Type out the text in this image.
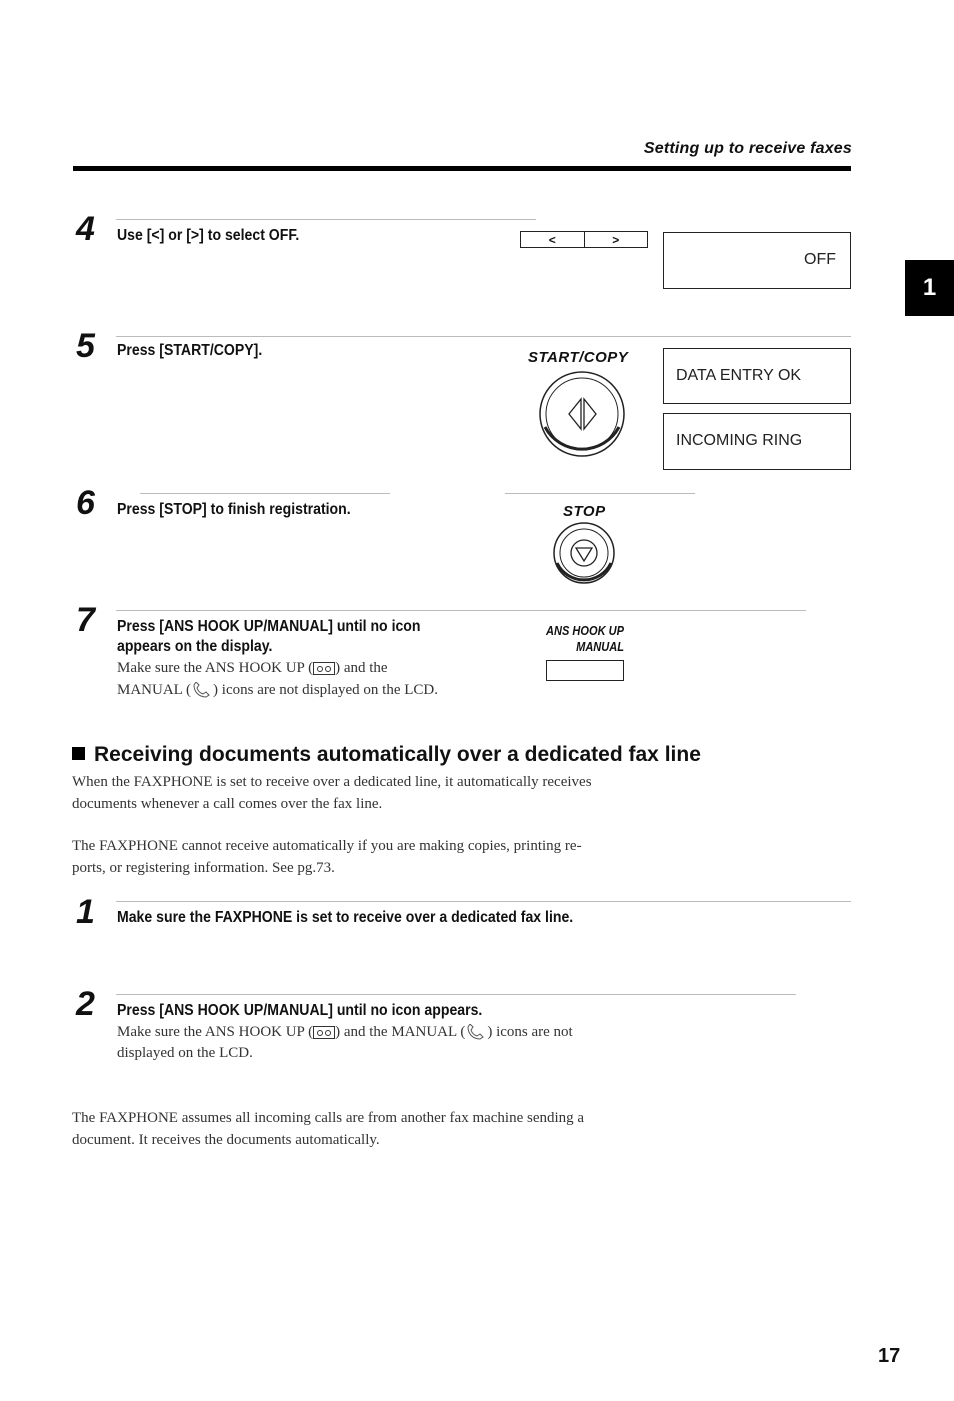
Setting up to receive faxes
1
4 Use [<] or [>] to select OFF.	<	>
OFF
5 Press [START/COPY].	START/COPY
DATA ENTRY OK
INCOMING RING
6 Press [STOP] to finish registration.	STOP
7 Press [ANS HOOK UP/MANUAL] until no icon
appears on the display.
Make sure the ANS HOOK UP ( ) and the
MANUAL ( ) icons are not displayed on the LCD.
ANS HOOK UP
MANUAL
Receiving documents automatically over a dedicated fax line
When the FAXPHONE is set to receive over a dedicated line, it automatically receives
documents whenever a call comes over the fax line.
The FAXPHONE cannot receive automatically if you are making copies, printing re-
ports, or registering information. See pg.73.
1 Make sure the FAXPHONE is set to receive over a dedicated fax line.
2 Press [ANS HOOK UP/MANUAL] until no icon appears.
Make sure the ANS HOOK UP ( ) and the MANUAL ( ) icons are not
displayed on the LCD.
The FAXPHONE assumes all incoming calls are from another fax machine sending a
document. It receives the documents automatically.
17
